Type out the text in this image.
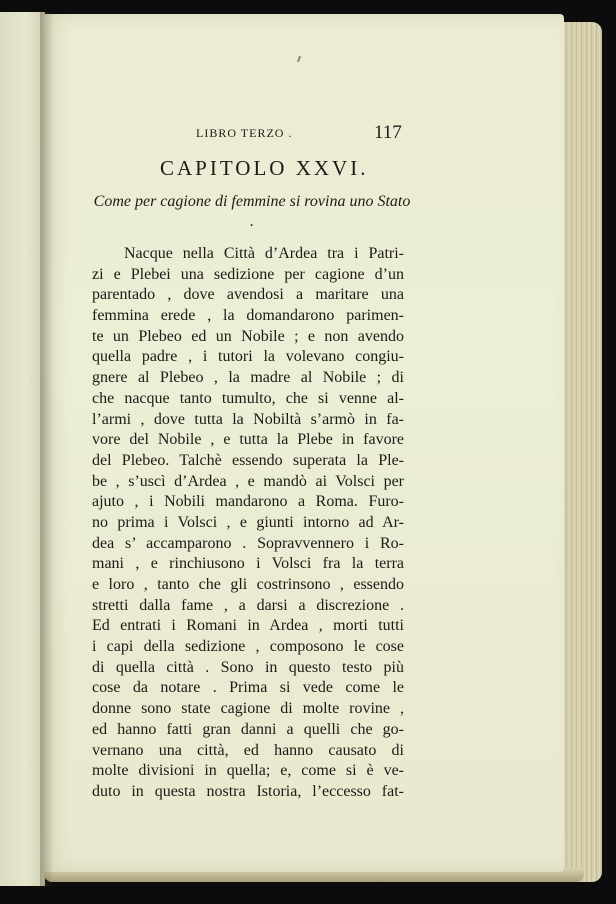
LIBRO TERZO .	117
CAPITOLO XXVI.
Come per cagione di femmine si rovina uno Stato .
Nacque nella Città d’Ardea tra i Patri-
zi e Plebei una sedizione per cagione d’un
parentado , dove avendosi a maritare una
femmina erede , la domandarono parimen-
te un Plebeo ed un Nobile ; e non avendo
quella padre , i tutori la volevano congiu-
gnere al Plebeo , la madre al Nobile ; di
che nacque tanto tumulto, che si venne al-
l’armi , dove tutta la Nobiltà s’armò in fa-
vore del Nobile , e tutta la Plebe in favore
del Plebeo. Talchè essendo superata la Ple-
be , s’uscì d’Ardea , e mandò ai Volsci per
ajuto , i Nobili mandarono a Roma. Furo-
no prima i Volsci , e giunti intorno ad Ar-
dea s’ accamparono . Sopravvennero i Ro-
mani , e rinchiusono i Volsci fra la terra
e loro , tanto che gli costrinsono , essendo
stretti dalla fame , a darsi a discrezione .
Ed entrati i Romani in Ardea , morti tutti
i capi della sedizione , composono le cose
di quella città . Sono in questo testo più
cose da notare . Prima si vede come le
donne sono state cagione di molte rovine ,
ed hanno fatti gran danni a quelli che go-
vernano una città, ed hanno causato di
molte divisioni in quella; e, come si è ve-
duto in questa nostra Istoria, l’eccesso fat-
